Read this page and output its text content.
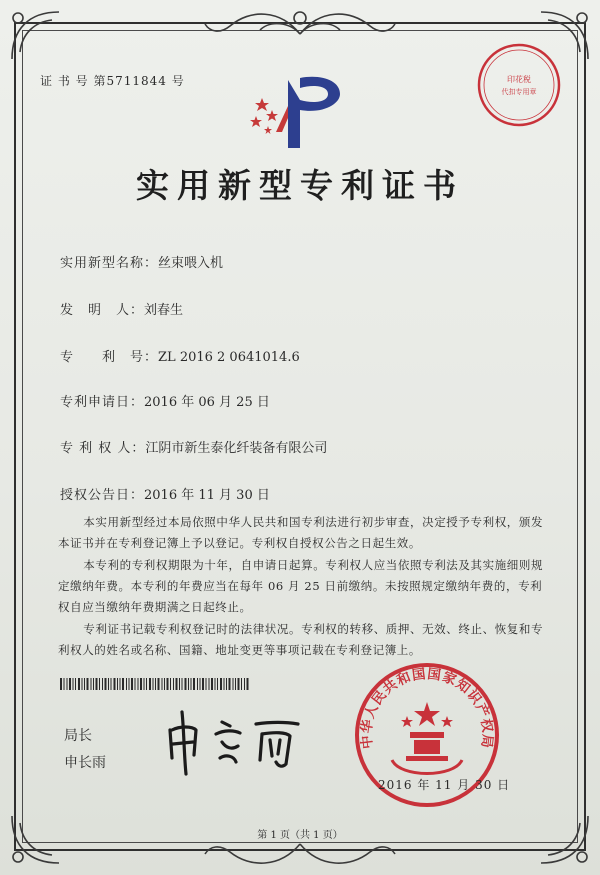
证 书 号 第5711844 号	印花税
代扣专用章
实用新型专利证书
实用新型名称：丝束喂入机
发　明　人：刘春生
专　　利　号：ZL 2016 2 0641014.6
专利申请日：2016 年 06 月 25 日
专 利 权 人：江阴市新生泰化纤装备有限公司
授权公告日：2016 年 11 月 30 日

本实用新型经过本局依照中华人民共和国专利法进行初步审查，决定授予专利权，颁发本证书并在专利登记簿上予以登记。专利权自授权公告之日起生效。

本专利的专利权期限为十年，自申请日起算。专利权人应当依照专利法及其实施细则规定缴纳年费。本专利的年费应当在每年 06 月 25 日前缴纳。未按照规定缴纳年费的，专利权自应当缴纳年费期满之日起终止。

专利证书记载专利权登记时的法律状况。专利权的转移、质押、无效、终止、恢复和专利权人的姓名或名称、国籍、地址变更等事项记载在专利登记簿上。

局长
申长雨
中华人民共和国国家知识产权局
2016 年 11 月 30 日
第 1 页（共 1 页）
